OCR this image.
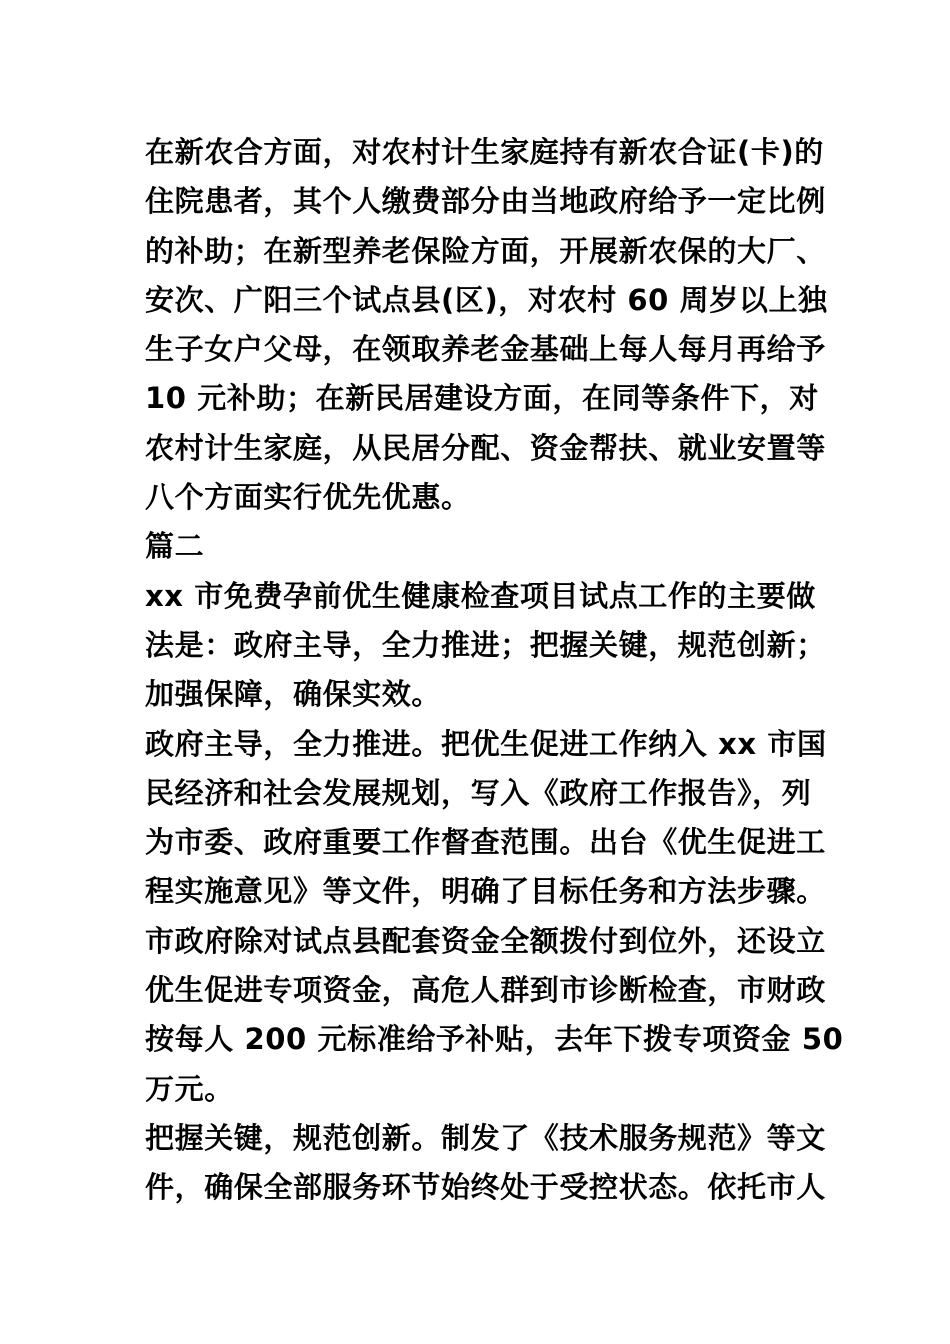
在新农合方面，对农村计生家庭持有新农合证(卡)的
住院患者，其个人缴费部分由当地政府给予一定比例
的补助；在新型养老保险方面，开展新农保的大厂、
安次、广阳三个试点县(区)，对农村 60 周岁以上独
生子女户父母，在领取养老金基础上每人每月再给予
10 元补助；在新民居建设方面，在同等条件下，对
农村计生家庭，从民居分配、资金帮扶、就业安置等
八个方面实行优先优惠。
篇二
xx 市免费孕前优生健康检查项目试点工作的主要做
法是：政府主导，全力推进；把握关键，规范创新；
加强保障，确保实效。
政府主导，全力推进。把优生促进工作纳入 xx 市国
民经济和社会发展规划，写入《政府工作报告》，列
为市委、政府重要工作督查范围。出台《优生促进工
程实施意见》等文件，明确了目标任务和方法步骤。
市政府除对试点县配套资金全额拨付到位外，还设立
优生促进专项资金，高危人群到市诊断检查，市财政
按每人 200 元标准给予补贴，去年下拨专项资金 50
万元。
把握关键，规范创新。制发了《技术服务规范》等文
件，确保全部服务环节始终处于受控状态。依托市人
